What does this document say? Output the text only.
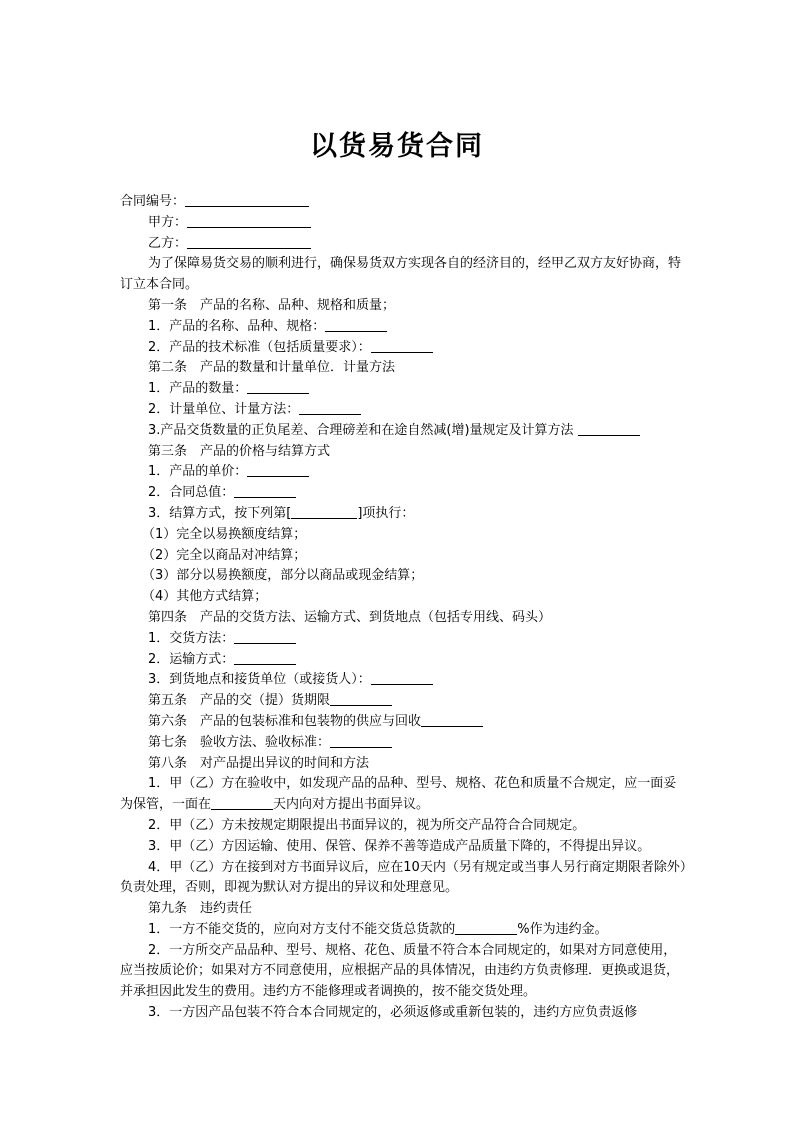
以货易货合同

合同编号：

甲方：

乙方：

为了保障易货交易的顺利进行，确保易货双方实现各自的经济目的，经甲乙双方友好协商，特订立本合同。

第一条　产品的名称、品种、规格和质量；

1．产品的名称、品种、规格：

2．产品的技术标准（包括质量要求）：

第二条　产品的数量和计量单位．计量方法

1．产品的数量：

2．计量单位、计量方法：

3.产品交货数量的正负尾差、合理磅差和在途自然减(增)量规定及计算方法

第三条　产品的价格与结算方式

1．产品的单价：

2．合同总值：

3．结算方式，按下列第[	]项执行：

（1）完全以易换额度结算；

（2）完全以商品对冲结算；

（3）部分以易换额度，部分以商品或现金结算；

（4）其他方式结算；

第四条　产品的交货方法、运输方式、到货地点（包括专用线、码头）

1．交货方法：

2．运输方式：

3．到货地点和接货单位（或接货人）：

第五条　产品的交（提）货期限

第六条　产品的包装标准和包装物的供应与回收

第七条　验收方法、验收标准：

第八条　对产品提出异议的时间和方法

1．甲（乙）方在验收中，如发现产品的品种、型号、规格、花色和质量不合规定，应一面妥为保管，一面在	天内向对方提出书面异议。

2．甲（乙）方未按规定期限提出书面异议的，视为所交产品符合合同规定。

3．甲（乙）方因运输、使用、保管、保养不善等造成产品质量下降的，不得提出异议。

4．甲（乙）方在接到对方书面异议后，应在10天内（另有规定或当事人另行商定期限者除外）负责处理，否则，即视为默认对方提出的异议和处理意见。

第九条　违约责任

1．一方不能交货的，应向对方支付不能交货总货款的	%作为违约金。

2．一方所交产品品种、型号、规格、花色、质量不符合本合同规定的，如果对方同意使用，应当按质论价；如果对方不同意使用，应根据产品的具体情况，由违约方负责修理．更换或退货，并承担因此发生的费用。违约方不能修理或者调换的，按不能交货处理。

3．一方因产品包装不符合本合同规定的，必须返修或重新包装的，违约方应负责返修
